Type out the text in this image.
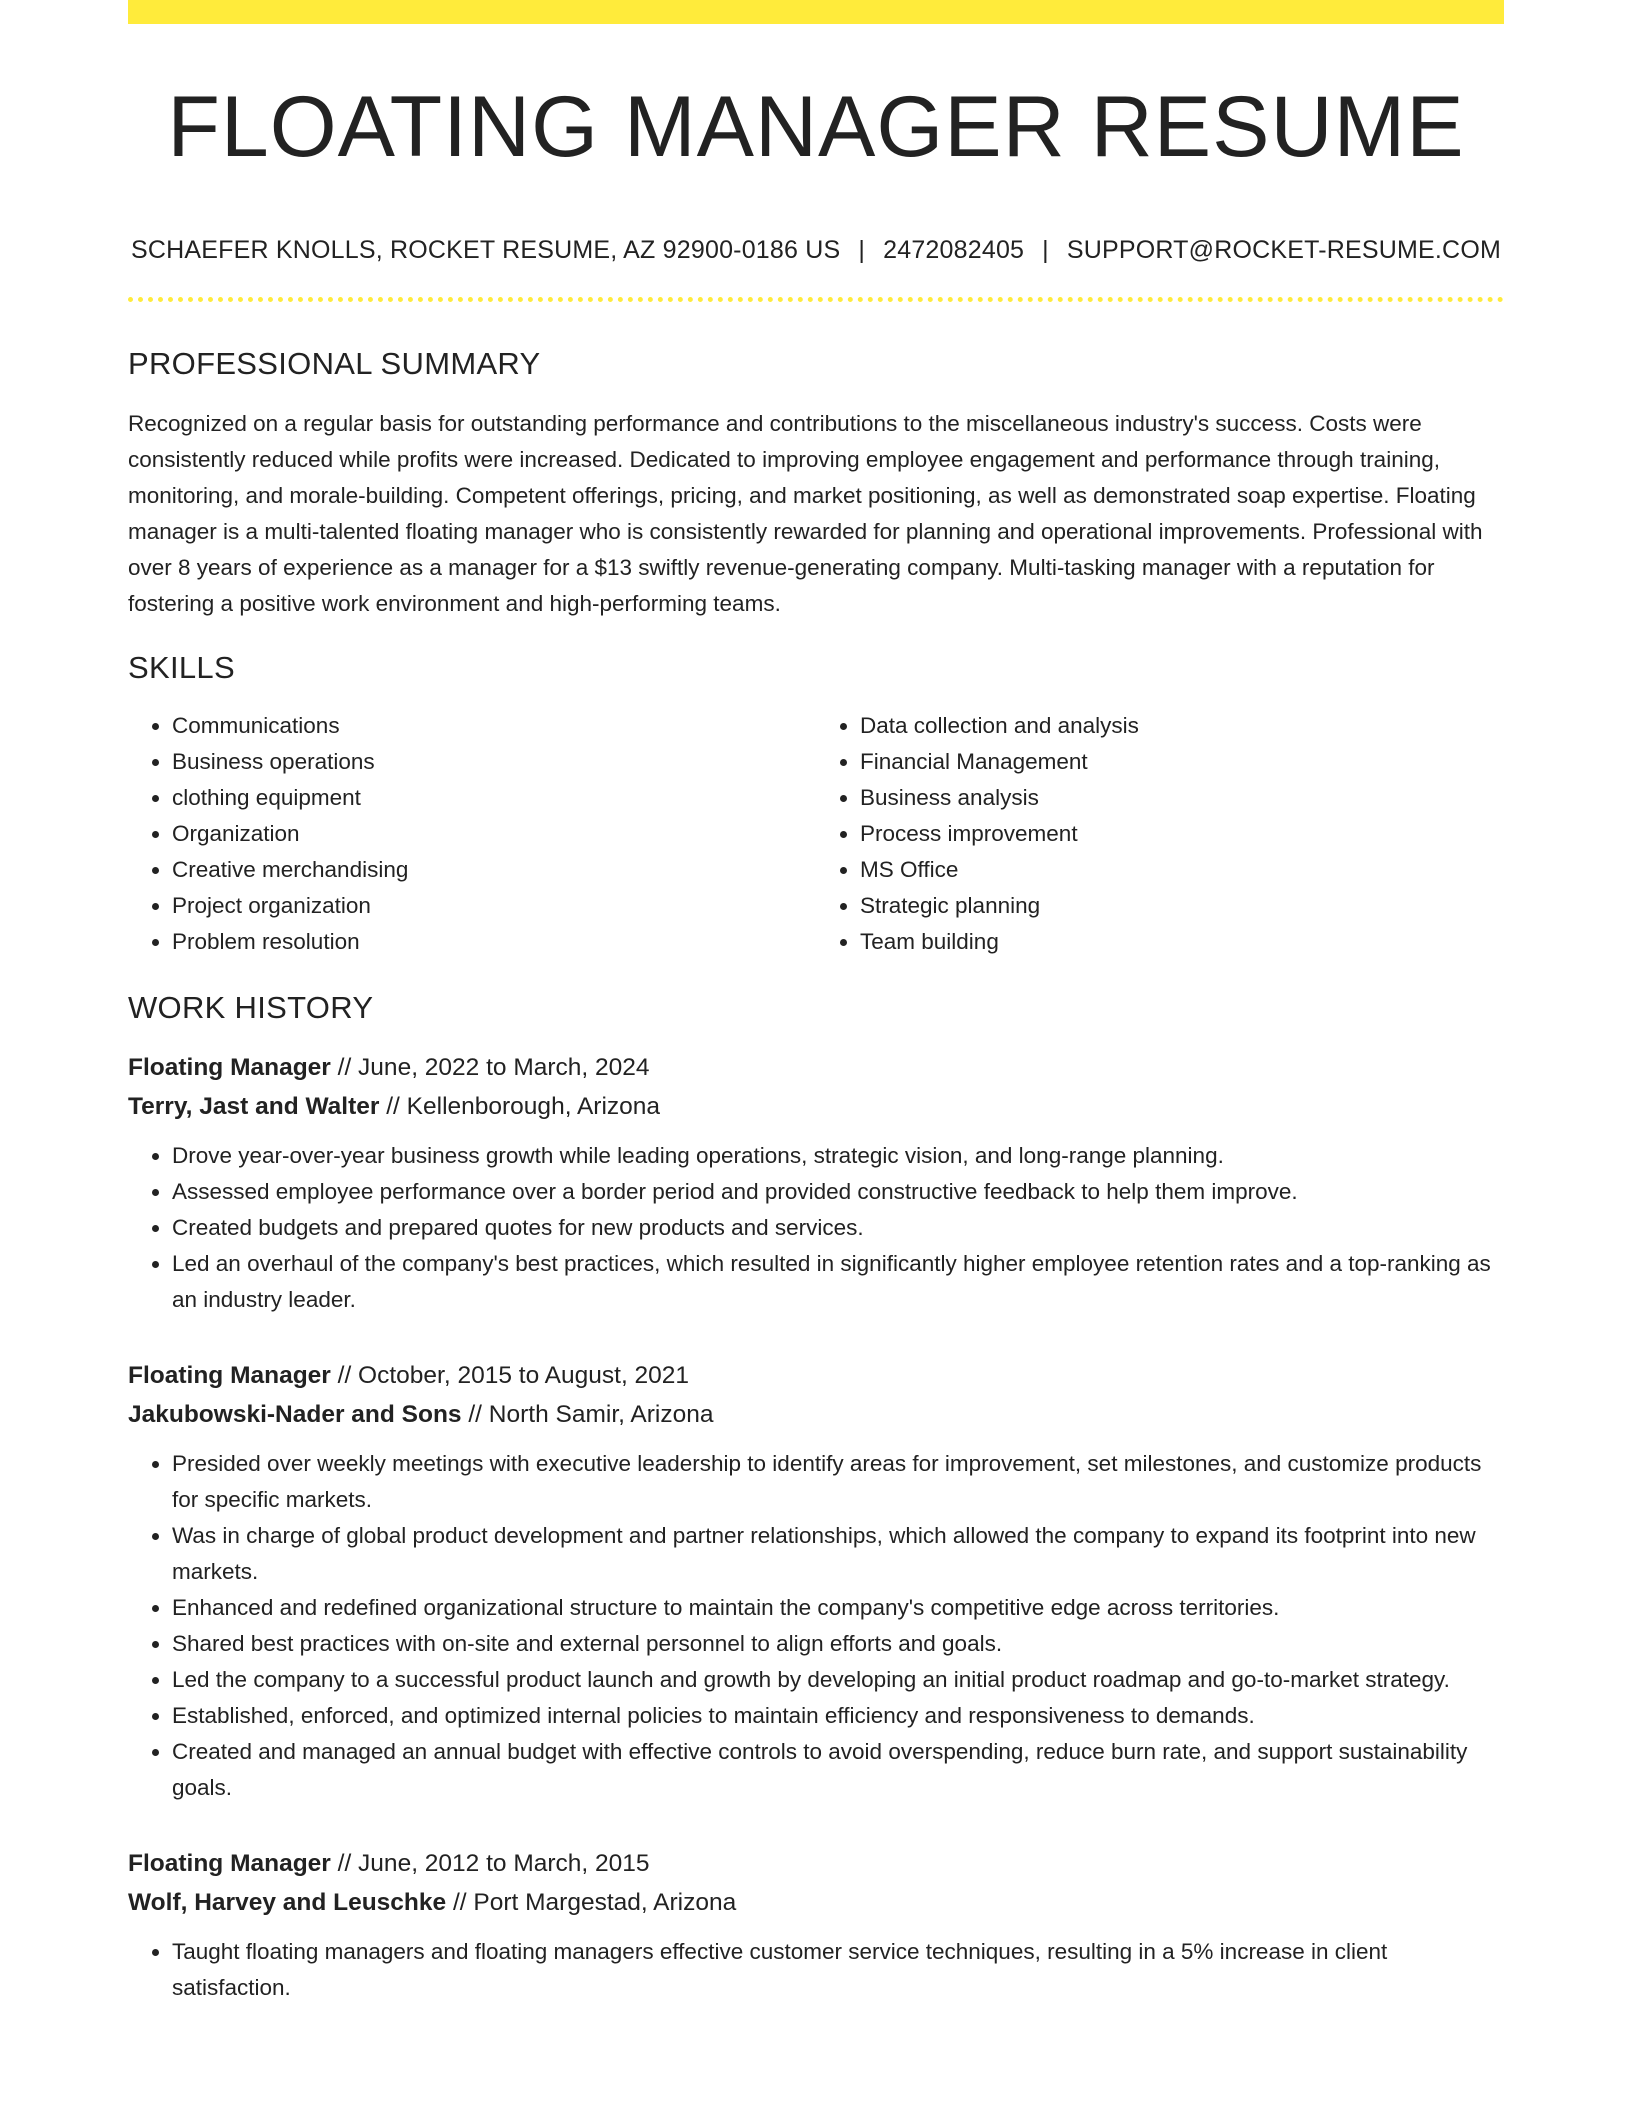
FLOATING MANAGER RESUME
SCHAEFER KNOLLS, ROCKET RESUME, AZ 92900-0186 US | 2472082405 | SUPPORT@ROCKET-RESUME.COM
PROFESSIONAL SUMMARY
Recognized on a regular basis for outstanding performance and contributions to the miscellaneous industry's success. Costs were consistently reduced while profits were increased. Dedicated to improving employee engagement and performance through training, monitoring, and morale-building. Competent offerings, pricing, and market positioning, as well as demonstrated soap expertise. Floating manager is a multi-talented floating manager who is consistently rewarded for planning and operational improvements. Professional with over 8 years of experience as a manager for a $13 swiftly revenue-generating company. Multi-tasking manager with a reputation for fostering a positive work environment and high-performing teams.
SKILLS
• Communications
• Business operations
• clothing equipment
• Organization
• Creative merchandising
• Project organization
• Problem resolution
• Data collection and analysis
• Financial Management
• Business analysis
• Process improvement
• MS Office
• Strategic planning
• Team building
WORK HISTORY
Floating Manager // June, 2022 to March, 2024
Terry, Jast and Walter // Kellenborough, Arizona
• Drove year-over-year business growth while leading operations, strategic vision, and long-range planning.
• Assessed employee performance over a border period and provided constructive feedback to help them improve.
• Created budgets and prepared quotes for new products and services.
• Led an overhaul of the company's best practices, which resulted in significantly higher employee retention rates and a top-ranking as an industry leader.
Floating Manager // October, 2015 to August, 2021
Jakubowski-Nader and Sons // North Samir, Arizona
• Presided over weekly meetings with executive leadership to identify areas for improvement, set milestones, and customize products for specific markets.
• Was in charge of global product development and partner relationships, which allowed the company to expand its footprint into new markets.
• Enhanced and redefined organizational structure to maintain the company's competitive edge across territories.
• Shared best practices with on-site and external personnel to align efforts and goals.
• Led the company to a successful product launch and growth by developing an initial product roadmap and go-to-market strategy.
• Established, enforced, and optimized internal policies to maintain efficiency and responsiveness to demands.
• Created and managed an annual budget with effective controls to avoid overspending, reduce burn rate, and support sustainability goals.
Floating Manager // June, 2012 to March, 2015
Wolf, Harvey and Leuschke // Port Margestad, Arizona
• Taught floating managers and floating managers effective customer service techniques, resulting in a 5% increase in client satisfaction.
